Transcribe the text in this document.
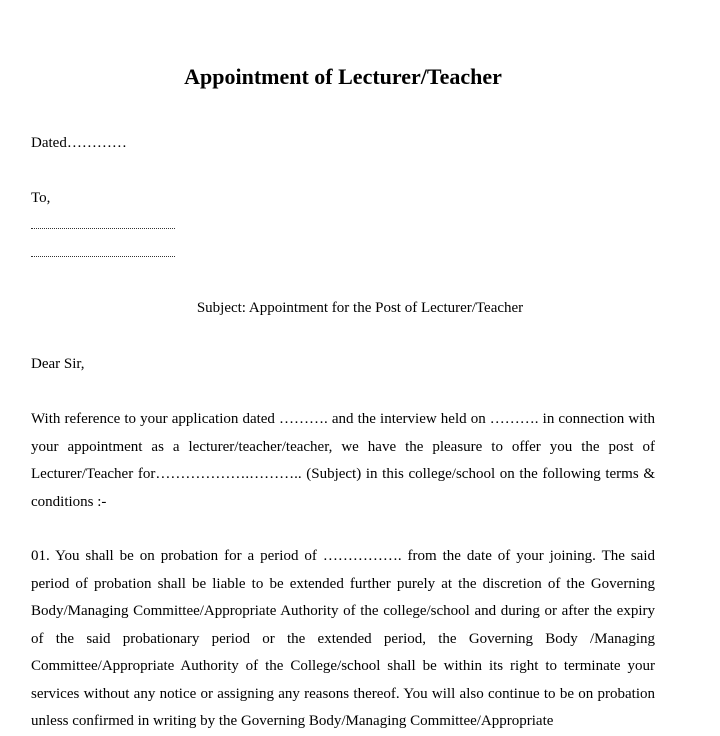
Appointment of Lecturer/Teacher
Dated…………
To,
Subject: Appointment for the Post of Lecturer/Teacher
Dear Sir,

With reference to your application dated ………. and the interview held on ………. in connection with your appointment as a lecturer/teacher/teacher, we have the pleasure to offer you the post of Lecturer/Teacher for……………….……….. (Subject) in this college/school on the following terms & conditions :-

01. You shall be on probation for a period of ……………. from the date of your joining. The said period of probation shall be liable to be extended further purely at the discretion of the Governing Body/Managing Committee/Appropriate Authority of the college/school and during or after the expiry of the said probationary period or the extended period, the Governing Body /Managing Committee/Appropriate Authority of the College/school shall be within its right to terminate your services without any notice or assigning any reasons thereof. You will also continue to be on probation unless confirmed in writing by the Governing Body/Managing Committee/Appropriate
